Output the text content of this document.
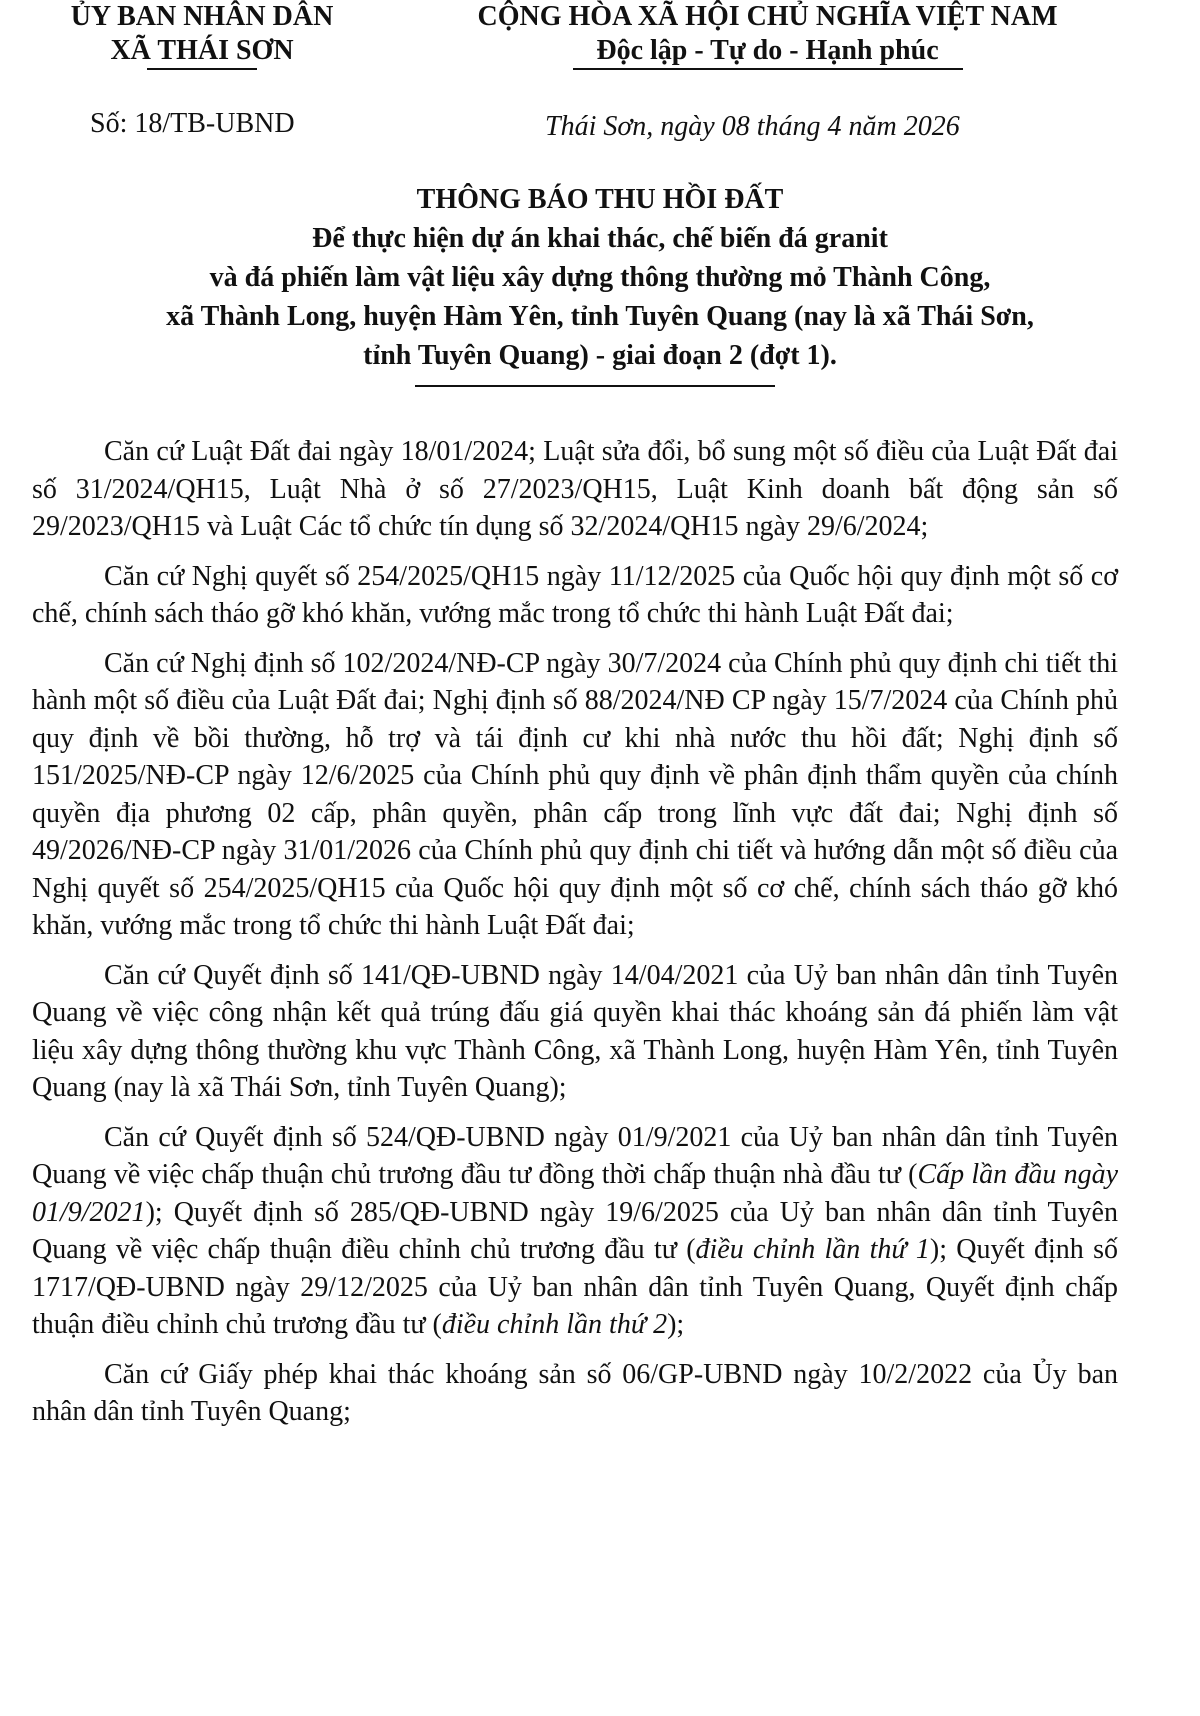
ỦY BAN NHÂN DÂN
XÃ THÁI SƠN
CỘNG HÒA XÃ HỘI CHỦ NGHĨA VIỆT NAM
Độc lập - Tự do - Hạnh phúc
Số: 18/TB-UBND	Thái Sơn, ngày 08 tháng 4 năm 2026
THÔNG BÁO THU HỒI ĐẤT
Để thực hiện dự án khai thác, chế biến đá granit
và đá phiến làm vật liệu xây dựng thông thường mỏ Thành Công,
xã Thành Long, huyện Hàm Yên, tỉnh Tuyên Quang (nay là xã Thái Sơn,
tỉnh Tuyên Quang) - giai đoạn 2 (đợt 1).

Căn cứ Luật Đất đai ngày 18/01/2024; Luật sửa đổi, bổ sung một số điều của Luật Đất đai số 31/2024/QH15, Luật Nhà ở số 27/2023/QH15, Luật Kinh doanh bất động sản số 29/2023/QH15 và Luật Các tổ chức tín dụng số 32/2024/QH15 ngày 29/6/2024;

Căn cứ Nghị quyết số 254/2025/QH15 ngày 11/12/2025 của Quốc hội quy định một số cơ chế, chính sách tháo gỡ khó khăn, vướng mắc trong tổ chức thi hành Luật Đất đai;

Căn cứ Nghị định số 102/2024/NĐ-CP ngày 30/7/2024 của Chính phủ quy định chi tiết thi hành một số điều của Luật Đất đai; Nghị định số 88/2024/NĐ CP ngày 15/7/2024 của Chính phủ quy định về bồi thường, hỗ trợ và tái định cư khi nhà nước thu hồi đất; Nghị định số 151/2025/NĐ-CP ngày 12/6/2025 của Chính phủ quy định về phân định thẩm quyền của chính quyền địa phương 02 cấp, phân quyền, phân cấp trong lĩnh vực đất đai; Nghị định số 49/2026/NĐ-CP ngày 31/01/2026 của Chính phủ quy định chi tiết và hướng dẫn một số điều của Nghị quyết số 254/2025/QH15 của Quốc hội quy định một số cơ chế, chính sách tháo gỡ khó khăn, vướng mắc trong tổ chức thi hành Luật Đất đai;

Căn cứ Quyết định số 141/QĐ-UBND ngày 14/04/2021 của Uỷ ban nhân dân tỉnh Tuyên Quang về việc công nhận kết quả trúng đấu giá quyền khai thác khoáng sản đá phiến làm vật liệu xây dựng thông thường khu vực Thành Công, xã Thành Long, huyện Hàm Yên, tỉnh Tuyên Quang (nay là xã Thái Sơn, tỉnh Tuyên Quang);

Căn cứ Quyết định số 524/QĐ-UBND ngày 01/9/2021 của Uỷ ban nhân dân tỉnh Tuyên Quang về việc chấp thuận chủ trương đầu tư đồng thời chấp thuận nhà đầu tư (Cấp lần đầu ngày 01/9/2021); Quyết định số 285/QĐ-UBND ngày 19/6/2025 của Uỷ ban nhân dân tỉnh Tuyên Quang về việc chấp thuận điều chỉnh chủ trương đầu tư (điều chỉnh lần thứ 1); Quyết định số 1717/QĐ-UBND ngày 29/12/2025 của Uỷ ban nhân dân tỉnh Tuyên Quang, Quyết định chấp thuận điều chỉnh chủ trương đầu tư (điều chỉnh lần thứ 2);

Căn cứ Giấy phép khai thác khoáng sản số 06/GP-UBND ngày 10/2/2022 của Ủy ban nhân dân tỉnh Tuyên Quang;
